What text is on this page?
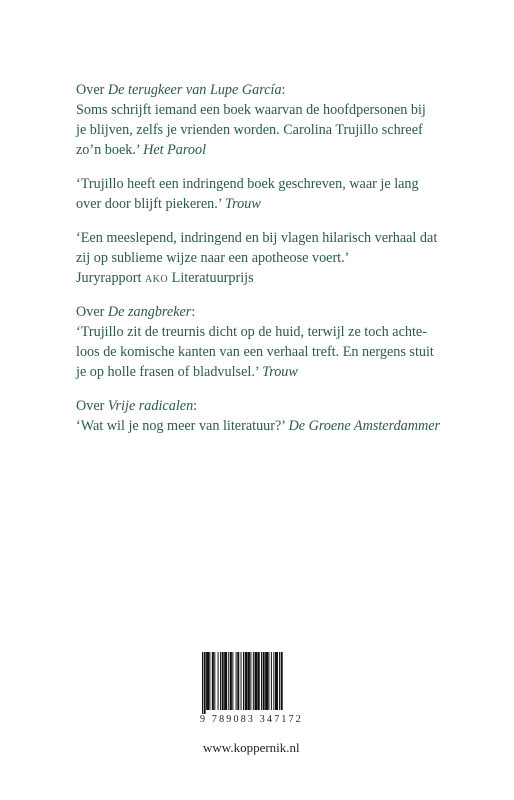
Over De terugkeer van Lupe García:
Soms schrijft iemand een boek waarvan de hoofdpersonen bij
je blijven, zelfs je vrienden worden. Carolina Trujillo schreef
zo’n boek.’ Het Parool
‘Trujillo heeft een indringend boek geschreven, waar je lang
over door blijft piekeren.’ Trouw
‘Een meeslepend, indringend en bij vlagen hilarisch verhaal dat
zij op sublieme wijze naar een apotheose voert.’
Juryrapport ako Literatuurprijs
Over De zangbreker:
‘Trujillo zit de treurnis dicht op de huid, terwijl ze toch achte-
loos de komische kanten van een verhaal treft. En nergens stuit
je op holle frasen of bladvulsel.’ Trouw
Over Vrije radicalen:
‘Wat wil je nog meer van literatuur?’ De Groene Amsterdammer
9 789083 347172
www.koppernik.nl
